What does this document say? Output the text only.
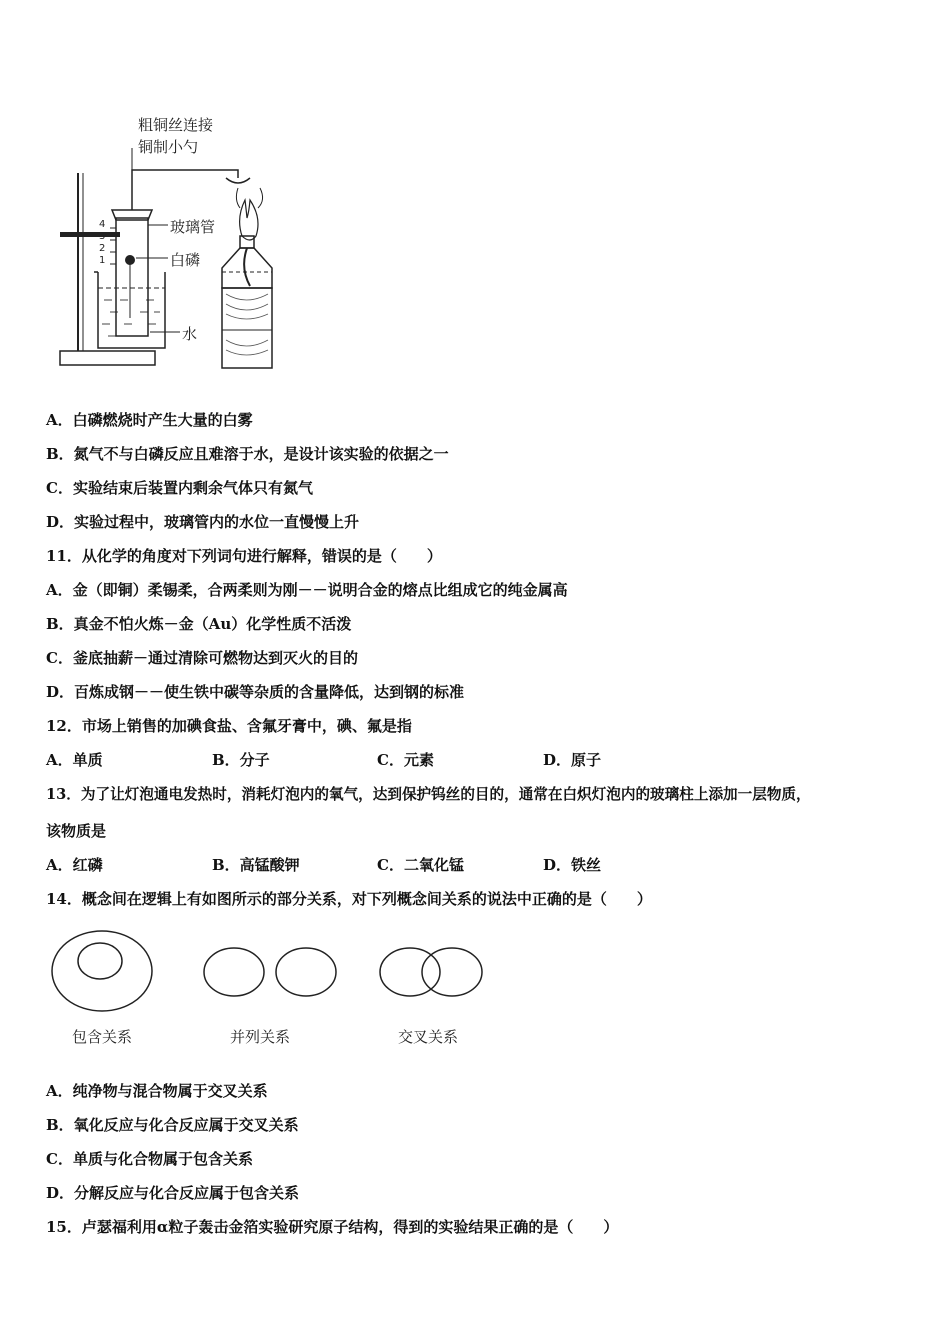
粗铜丝连接
铜制小勺
玻璃管
白磷
水
4
3
2
1
A．白磷燃烧时产生大量的白雾
B．氮气不与白磷反应且难溶于水，是设计该实验的依据之一
C．实验结束后装置内剩余气体只有氮气
D．实验过程中，玻璃管内的水位一直慢慢上升
11．从化学的角度对下列词句进行解释，错误的是（　　）
A．金（即铜）柔锡柔，合两柔则为刚－－说明合金的熔点比组成它的纯金属高
B．真金不怕火炼－金（Au）化学性质不活泼
C．釜底抽薪－通过清除可燃物达到灭火的目的
D．百炼成钢－－使生铁中碳等杂质的含量降低，达到钢的标准
12．市场上销售的加碘食盐、含氟牙膏中，碘、氟是指
A．单质	B．分子	C．元素	D．原子
13．为了让灯泡通电发热时，消耗灯泡内的氧气，达到保护钨丝的目的，通常在白炽灯泡内的玻璃柱上添加一层物质，
该物质是
A．红磷	B．高锰酸钾	C．二氧化锰	D．铁丝
14．概念间在逻辑上有如图所示的部分关系，对下列概念间关系的说法中正确的是（　　）
包含关系	并列关系	交叉关系
A．纯净物与混合物属于交叉关系
B．氧化反应与化合反应属于交叉关系
C．单质与化合物属于包含关系
D．分解反应与化合反应属于包含关系
15．卢瑟福利用α粒子轰击金箔实验研究原子结构，得到的实验结果正确的是（　　）
